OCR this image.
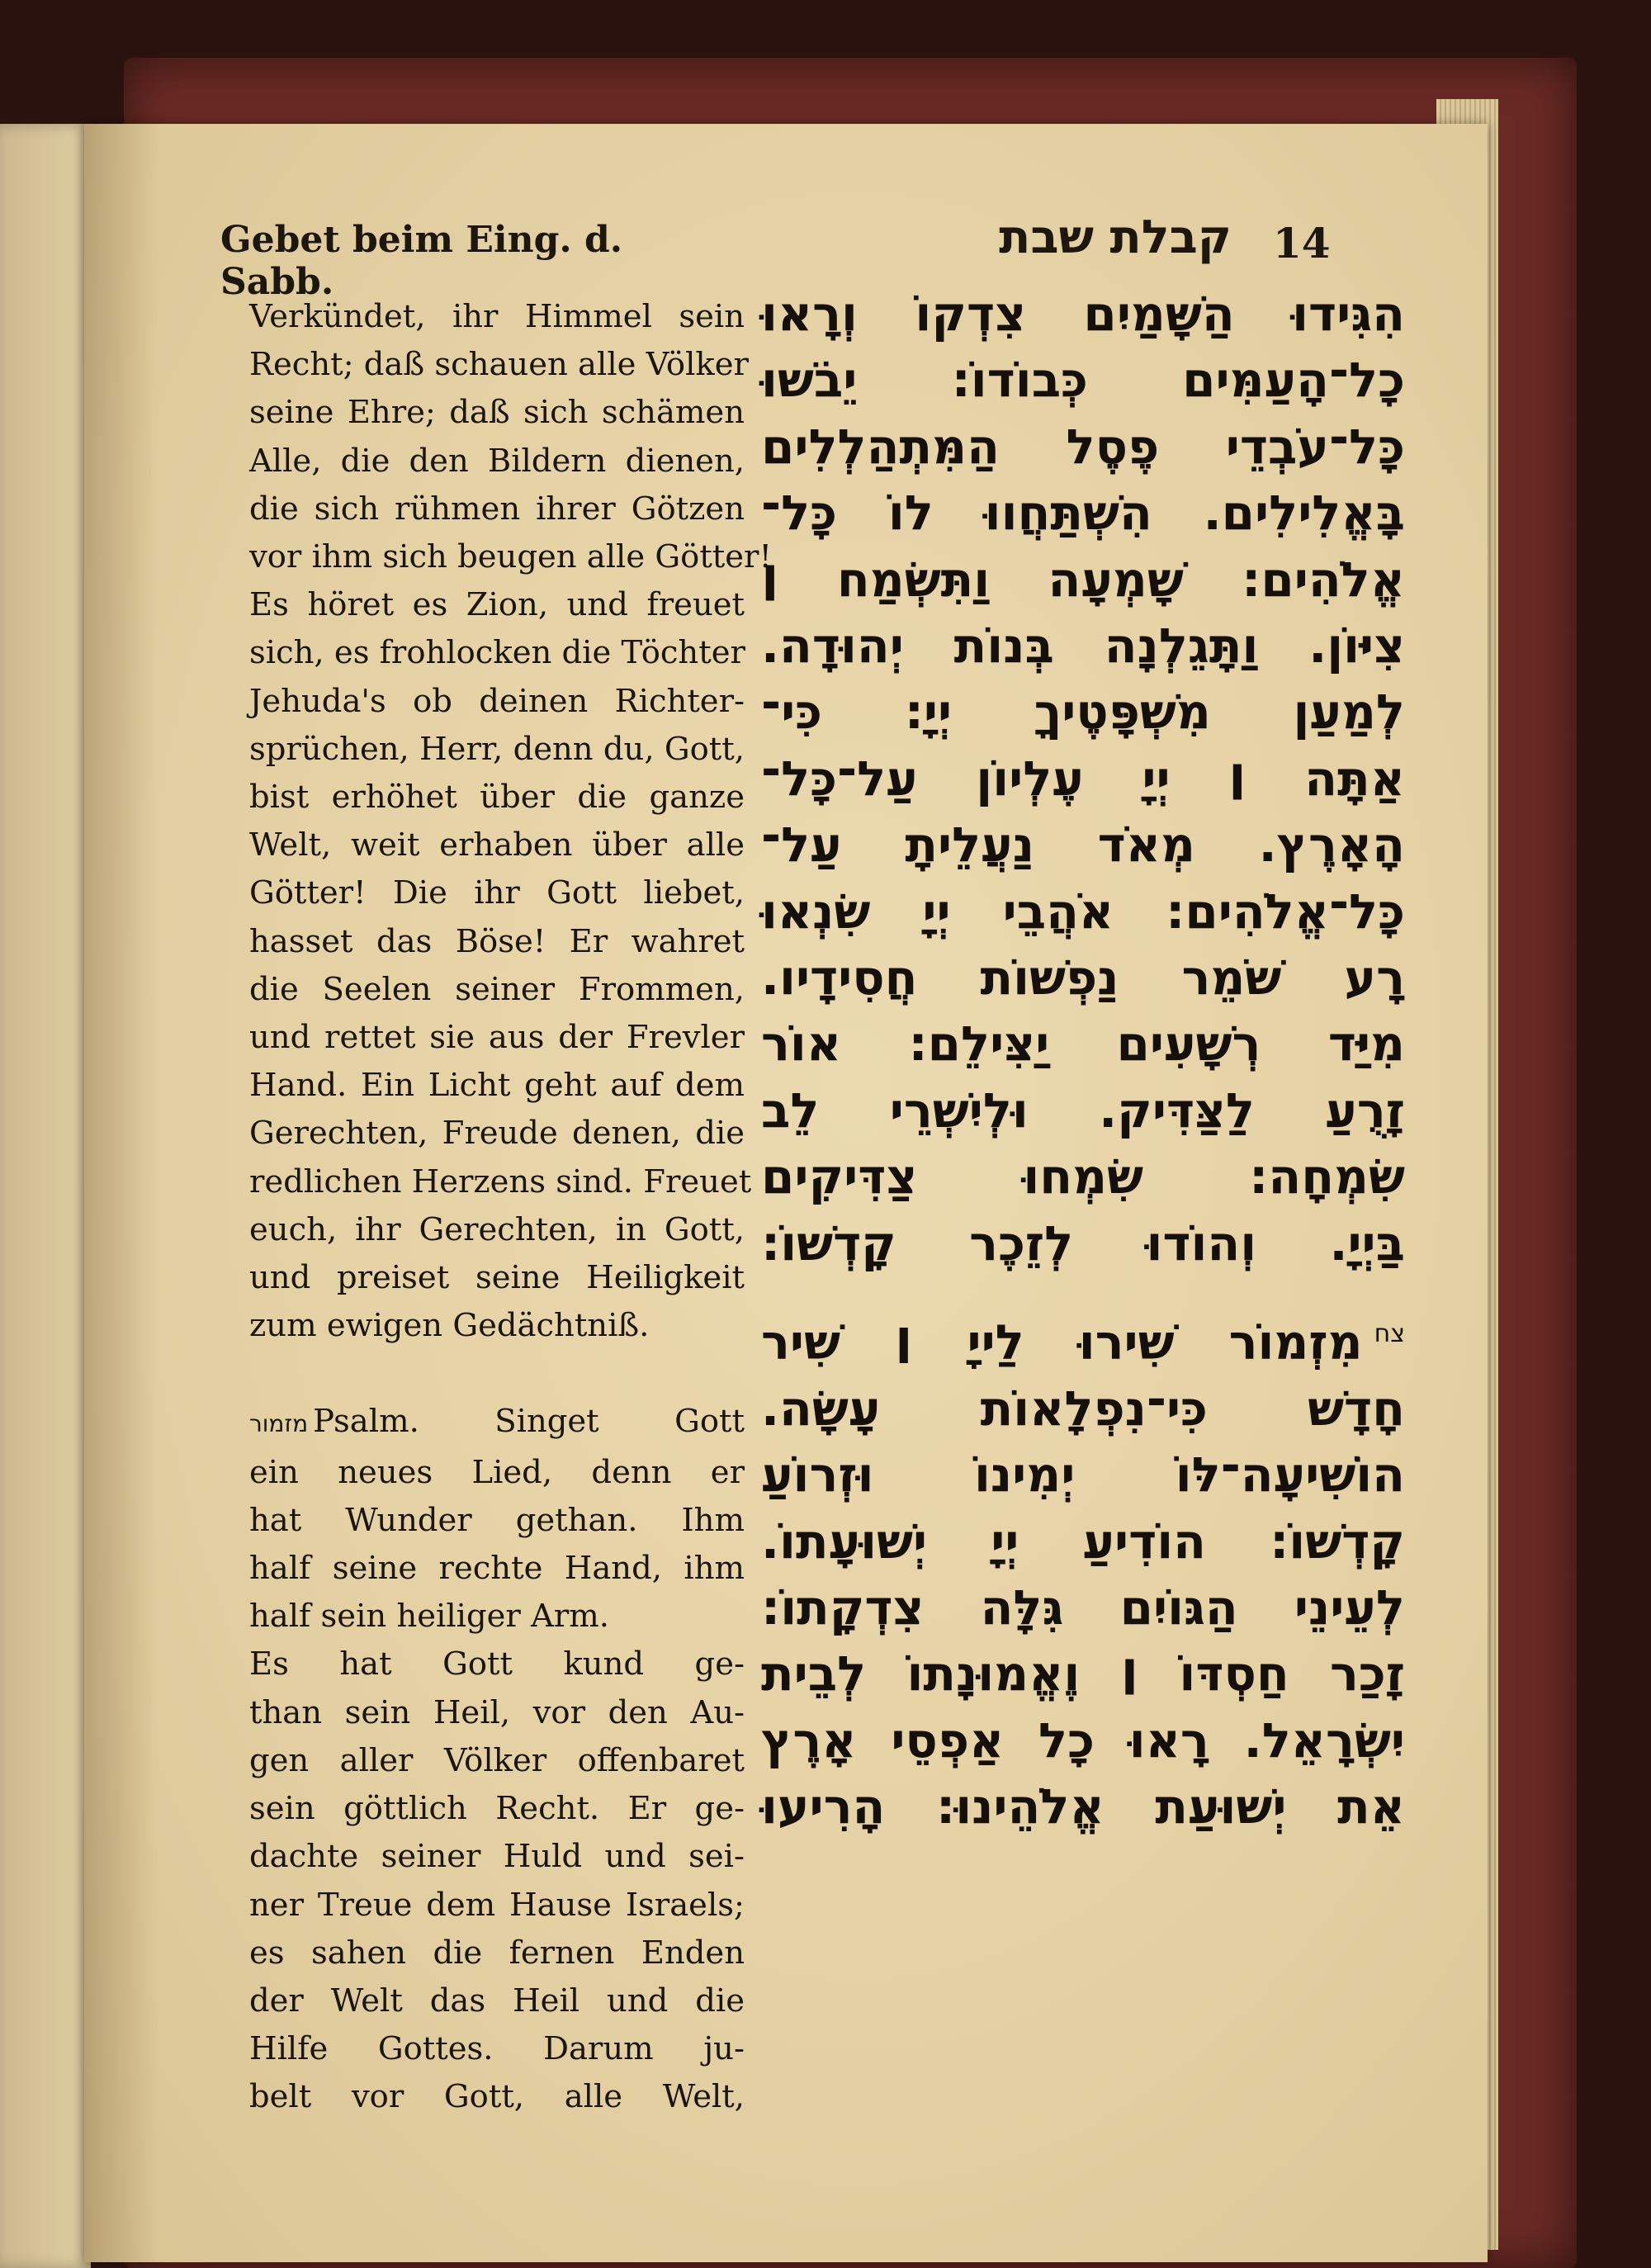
Gebet beim Eing. d. Sabb.
קבלת שבת 14
Verkündet, ihr Himmel sein
Recht; daß schauen alle Völker
seine Ehre; daß sich schämen
Alle, die den Bildern dienen,
die sich rühmen ihrer Götzen
vor ihm sich beugen alle Götter!
Es höret es Zion, und freuet
sich, es frohlocken die Töchter
Jehuda's ob deinen Richter-
sprüchen, Herr, denn du, Gott,
bist erhöhet über die ganze
Welt, weit erhaben über alle
Götter! Die ihr Gott liebet,
hasset das Böse! Er wahret
die Seelen seiner Frommen,
und rettet sie aus der Frevler
Hand. Ein Licht geht auf dem
Gerechten, Freude denen, die
redlichen Herzens sind. Freuet
euch, ihr Gerechten, in Gott,
und preiset seine Heiligkeit
zum ewigen Gedächtniß.
מזמור Psalm. Singet Gott
ein neues Lied, denn er
hat Wunder gethan. Ihm
half seine rechte Hand, ihm
half sein heiliger Arm.
Es hat Gott kund ge-
than sein Heil, vor den Au-
gen aller Völker offenbaret
sein göttlich Recht. Er ge-
dachte seiner Huld und sei-
ner Treue dem Hause Israels;
es sahen die fernen Enden
der Welt das Heil und die
Hilfe Gottes. Darum ju-
belt vor Gott, alle Welt,
הִגִּידוּ הַשָּׁמַיִם צִדְקוֹ וְרָאוּ
כָל־הָעַמִּים כְּבוֹדוֹ: יֵבֹשׁוּ
כָּל־עֹבְדֵי פֶסֶל הַמִּתְהַלְלִים
בָּאֱלִילִים. הִשְׁתַּחֲווּ לוֹ כָּל־
אֱלֹהִים: שָׁמְעָה וַתִּשְׂמַח ׀
צִיּוֹן. וַתָּגֵלְנָה בְּנוֹת יְהוּדָה.
לְמַעַן מִשְׁפָּטֶיךָ יְיָ: כִּי־
אַתָּה ׀ יְיָ עֶלְיוֹן עַל־כָּל־
הָאָרֶץ. מְאֹד נַעֲלֵיתָ עַל־
כָּל־אֱלֹהִים: אֹהֲבֵי יְיָ שִׂנְאוּ
רָע שֹׁמֵר נַפְשׁוֹת חֲסִידָיו.
מִיַּד רְשָׁעִים יַצִּילֵם: אוֹר
זָרֻעַ לַצַּדִּיק. וּלְיִשְׁרֵי לֵב
שִׂמְחָה: שִׂמְחוּ צַדִּיקִים
בַּיְיָ. וְהוֹדוּ לְזֵכֶר קָדְשׁוֹ:
$^{צח}$מִזְמוֹר שִׁירוּ לַייָ ׀ שִׁיר
חָדָשׁ כִּי־נִפְלָאוֹת עָשָׂה.
הוֹשִׁיעָה־לּוֹ יְמִינוֹ וּזְרוֹעַ
קָדְשׁוֹ: הוֹדִיעַ יְיָ יְשׁוּעָתוֹ.
לְעֵינֵי הַגּוֹיִם גִּלָּה צִדְקָתוֹ:
זָכַר חַסְדּוֹ ׀ וֶאֱמוּנָתוֹ לְבֵית
יִשְׂרָאֵל. רָאוּ כָל אַפְסֵי אָרֶץ
אֵת יְשׁוּעַת אֱלֹהֵינוּ: הָרִיעוּ
